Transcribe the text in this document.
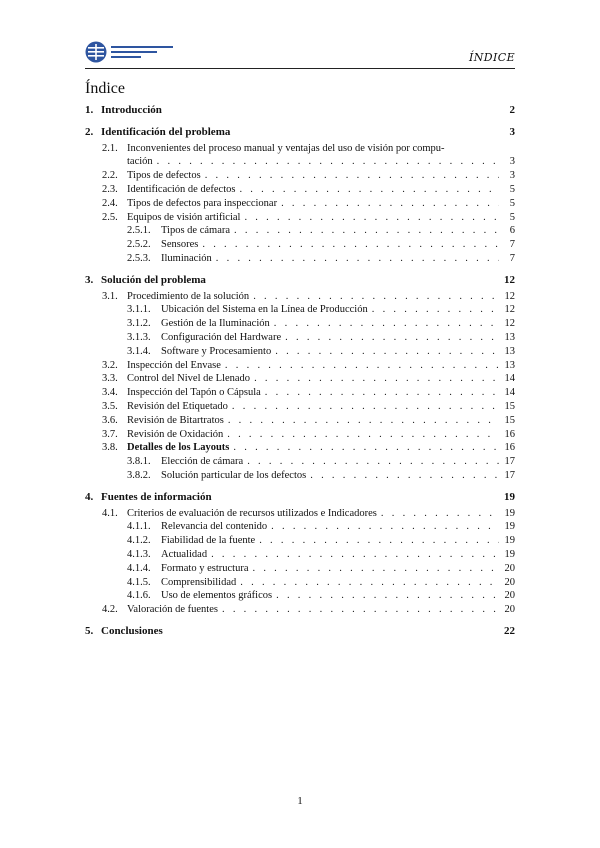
ÍNDICE
Índice
1. Introducción	2
2. Identificación del problema	3
2.1. Inconvenientes del proceso manual y ventajas del uso de visión por compu-
tación . . .	3
2.2. Tipos de defectos . . .	3
2.3. Identificación de defectos . . .	5
2.4. Tipos de defectos para inspeccionar . . .	5
2.5. Equipos de visión artificial . . .	5
2.5.1. Tipos de cámara . . .	6
2.5.2. Sensores . . .	7
2.5.3. Iluminación . . .	7
3. Solución del problema	12
3.1. Procedimiento de la solución . . .	12
3.1.1. Ubicación del Sistema en la Línea de Producción . . .	12
3.1.2. Gestión de la Iluminación . . .	12
3.1.3. Configuración del Hardware . . .	13
3.1.4. Software y Procesamiento . . .	13
3.2. Inspección del Envase . . .	13
3.3. Control del Nivel de Llenado . . .	14
3.4. Inspección del Tapón o Cápsula . . .	14
3.5. Revisión del Etiquetado . . .	15
3.6. Revisión de Bitartratos . . .	15
3.7. Revisión de Oxidación . . .	16
3.8. Detalles de los Layouts . . .	16
3.8.1. Elección de cámara . . .	17
3.8.2. Solución particular de los defectos . . .	17
4. Fuentes de información	19
4.1. Criterios de evaluación de recursos utilizados e Indicadores . . .	19
4.1.1. Relevancia del contenido . . .	19
4.1.2. Fiabilidad de la fuente . . .	19
4.1.3. Actualidad . . .	19
4.1.4. Formato y estructura . . .	20
4.1.5. Comprensibilidad . . .	20
4.1.6. Uso de elementos gráficos . . .	20
4.2. Valoración de fuentes . . .	20
5. Conclusiones	22
1
